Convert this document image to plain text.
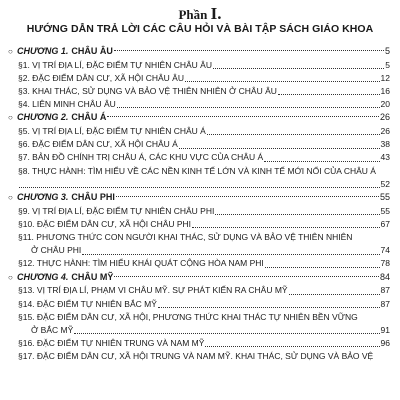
Phần I.
HƯỚNG DẪN TRẢ LỜI CÁC CÂU HỎI VÀ BÀI TẬP SÁCH GIÁO KHOA
○ CHƯƠNG 1. CHÂU ÂU	5
§1. VỊ TRÍ ĐỊA LÍ, ĐẶC ĐIỂM TỰ NHIÊN CHÂU ÂU	5
§2. ĐẶC ĐIỂM DÂN CƯ, XÃ HỘI CHÂU ÂU	12
§3. KHAI THÁC, SỬ DỤNG VÀ BẢO VỆ THIÊN NHIÊN Ở CHÂU ÂU	16
§4. LIÊN MINH CHÂU ÂU	20
○ CHƯƠNG 2. CHÂU Á	26
§5. VỊ TRÍ ĐỊA LÍ, ĐẶC ĐIỂM TỰ NHIÊN CHÂU Á	26
§6. ĐẶC ĐIỂM DÂN CƯ, XÃ HỘI CHÂU Á	38
§7. BẢN ĐỒ CHÍNH TRỊ CHÂU Á, CÁC KHU VỰC CỦA CHÂU Á	43
§8. THỰC HÀNH: TÌM HIỂU VỀ CÁC NỀN KINH TẾ LỚN VÀ KINH TẾ MỚI NỔI CỦA CHÂU Á
52
○ CHƯƠNG 3. CHÂU PHI	55
§9. VỊ TRÍ ĐỊA LÍ, ĐẶC ĐIỂM TỰ NHIÊN CHÂU PHI	55
§10. ĐẶC ĐIỂM DÂN CƯ, XÃ HỘI CHÂU PHI	67
§11. PHƯƠNG THỨC CON NGƯỜI KHAI THÁC, SỬ DỤNG VÀ BẢO VỆ THIÊN NHIÊN
Ở CHÂU PHI	74
§12. THỰC HÀNH: TÌM HIỂU KHÁI QUÁT CỘNG HÒA NAM PHI	78
○ CHƯƠNG 4. CHÂU MỸ	84
§13. VỊ TRÍ ĐỊA LÍ, PHẠM VI CHÂU MỸ. SỰ PHÁT KIẾN RA CHÂU MỸ	87
§14. ĐẶC ĐIỂM TỰ NHIÊN BẮC MỸ	87
§15. ĐẶC ĐIỂM DÂN CƯ, XÃ HỘI, PHƯƠNG THỨC KHAI THÁC TỰ NHIÊN BỀN VỮNG
Ở BẮC MỸ	91
§16. ĐẶC ĐIỂM TỰ NHIÊN TRUNG VÀ NAM MỸ	96
§17. ĐẶC ĐIỂM DÂN CƯ, XÃ HỘI TRUNG VÀ NAM MỸ. KHAI THÁC, SỬ DỤNG VÀ BẢO VỆ
